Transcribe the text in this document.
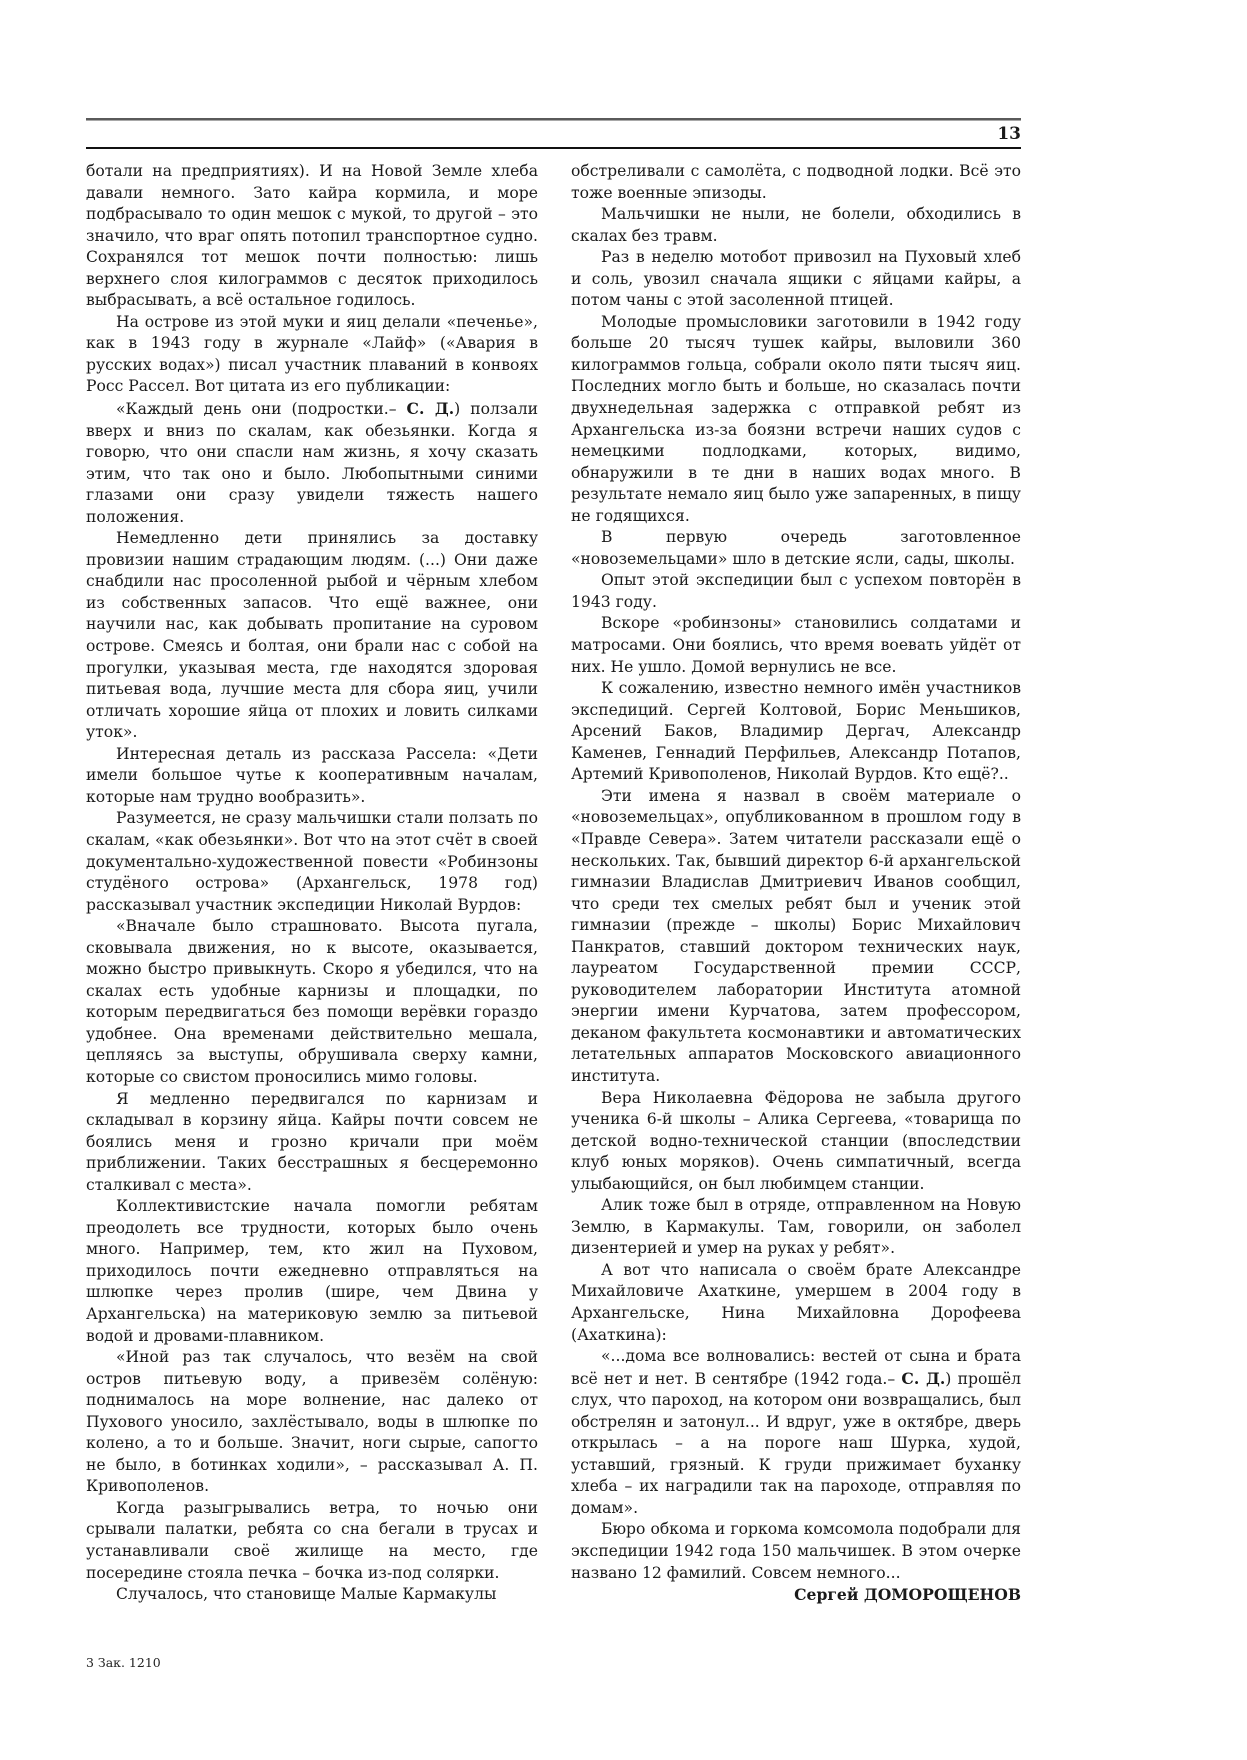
13

ботали на предприятиях). И на Новой Земле хлеба давали немного. Зато кайра кормила, и море подбрасывало то один мешок с мукой, то другой – это значило, что враг опять потопил транспортное судно. Сохранялся тот мешок почти полностью: лишь верхнего слоя килограммов с десяток приходилось выбрасывать, а всё остальное годилось.

На острове из этой муки и яиц делали «печенье», как в 1943 году в журнале «Лайф» («Авария в русских водах») писал участник плаваний в конвоях Росс Рассел. Вот цитата из его публикации:

«Каждый день они (подростки.– С. Д.) ползали вверх и вниз по скалам, как обезьянки. Когда я говорю, что они спасли нам жизнь, я хочу сказать этим, что так оно и было. Любопытными синими глазами они сразу увидели тяжесть нашего положения.

Немедленно дети принялись за доставку провизии нашим страдающим людям. (...) Они даже снабдили нас просоленной рыбой и чёрным хлебом из собственных запасов. Что ещё важнее, они научили нас, как добывать пропитание на суровом острове. Смеясь и болтая, они брали нас с собой на прогулки, указывая места, где находятся здоровая питьевая вода, лучшие места для сбора яиц, учили отличать хорошие яйца от плохих и ловить силками уток».

Интересная деталь из рассказа Рассела: «Дети имели большое чутье к кооперативным началам, которые нам трудно вообразить».

Разумеется, не сразу мальчишки стали ползать по скалам, «как обезьянки». Вот что на этот счёт в своей документально-художественной повести «Робинзоны студёного острова» (Архангельск, 1978 год) рассказывал участник экспедиции Николай Вурдов:

«Вначале было страшновато. Высота пугала, сковывала движения, но к высоте, оказывается, можно быстро привыкнуть. Скоро я убедился, что на скалах есть удобные карнизы и площадки, по которым передвигаться без помощи верёвки гораздо удобнее. Она временами действительно мешала, цепляясь за выступы, обрушивала сверху камни, которые со свистом проносились мимо головы.

Я медленно передвигался по карнизам и складывал в корзину яйца. Кайры почти совсем не боялись меня и грозно кричали при моём приближении. Таких бесстрашных я бесцеремонно сталкивал с места».

Коллективистские начала помогли ребятам преодолеть все трудности, которых было очень много. Например, тем, кто жил на Пуховом, приходилось почти ежедневно отправляться на шлюпке через пролив (шире, чем Двина у Архангельска) на материковую землю за питьевой водой и дровами-плавником.

«Иной раз так случалось, что везём на свой остров питьевую воду, а привезём солёную: поднималось на море волнение, нас далеко от Пухового уносило, захлёстывало, воды в шлюпке по колено, а то и больше. Значит, ноги сырые, сапогто не было, в ботинках ходили», – рассказывал А. П. Кривополенов.

Когда разыгрывались ветра, то ночью они срывали палатки, ребята со сна бегали в трусах и устанавливали своё жилище на место, где посередине стояла печка – бочка из-под солярки.

Случалось, что становище Малые Кармакулы

обстреливали с самолёта, с подводной лодки. Всё это тоже военные эпизоды.

Мальчишки не ныли, не болели, обходились в скалах без травм.

Раз в неделю мотобот привозил на Пуховый хлеб и соль, увозил сначала ящики с яйцами кайры, а потом чаны с этой засоленной птицей.

Молодые промысловики заготовили в 1942 году больше 20 тысяч тушек кайры, выловили 360 килограммов гольца, собрали около пяти тысяч яиц. Последних могло быть и больше, но сказалась почти двухнедельная задержка с отправкой ребят из Архангельска из-за боязни встречи наших судов с немецкими подлодками, которых, видимо, обнаружили в те дни в наших водах много. В результате немало яиц было уже запаренных, в пищу не годящихся.

В первую очередь заготовленное «новоземельцами» шло в детские ясли, сады, школы.

Опыт этой экспедиции был с успехом повторён в 1943 году.

Вскоре «робинзоны» становились солдатами и матросами. Они боялись, что время воевать уйдёт от них. Не ушло. Домой вернулись не все.

К сожалению, известно немного имён участников экспедиций. Сергей Колтовой, Борис Меньшиков, Арсений Баков, Владимир Дергач, Александр Каменев, Геннадий Перфильев, Александр Потапов, Артемий Кривополенов, Николай Вурдов. Кто ещё?..

Эти имена я назвал в своём материале о «новоземельцах», опубликованном в прошлом году в «Правде Севера». Затем читатели рассказали ещё о нескольких. Так, бывший директор 6-й архангельской гимназии Владислав Дмитриевич Иванов сообщил, что среди тех смелых ребят был и ученик этой гимназии (прежде – школы) Борис Михайлович Панкратов, ставший доктором технических наук, лауреатом Государственной премии СССР, руководителем лаборатории Института атомной энергии имени Курчатова, затем профессором, деканом факультета космонавтики и автоматических летательных аппаратов Московского авиационного института.

Вера Николаевна Фёдорова не забыла другого ученика 6-й школы – Алика Сергеева, «товарища по детской водно-технической станции (впоследствии клуб юных моряков). Очень симпатичный, всегда улыбающийся, он был любимцем станции.

Алик тоже был в отряде, отправленном на Новую Землю, в Кармакулы. Там, говорили, он заболел дизентерией и умер на руках у ребят».

А вот что написала о своём брате Александре Михайловиче Ахаткине, умершем в 2004 году в Архангельске, Нина Михайловна Дорофеева (Ахаткина):

«...дома все волновались: вестей от сына и брата всё нет и нет. В сентябре (1942 года.– С. Д.) прошёл слух, что пароход, на котором они возвращались, был обстрелян и затонул... И вдруг, уже в октябре, дверь открылась – а на пороге наш Шурка, худой, уставший, грязный. К груди прижимает буханку хлеба – их наградили так на пароходе, отправляя по домам».

Бюро обкома и горкома комсомола подобрали для экспедиции 1942 года 150 мальчишек. В этом очерке названо 12 фамилий. Совсем немного...

Сергей ДОМОРОЩЕНОВ

3 Зак. 1210
